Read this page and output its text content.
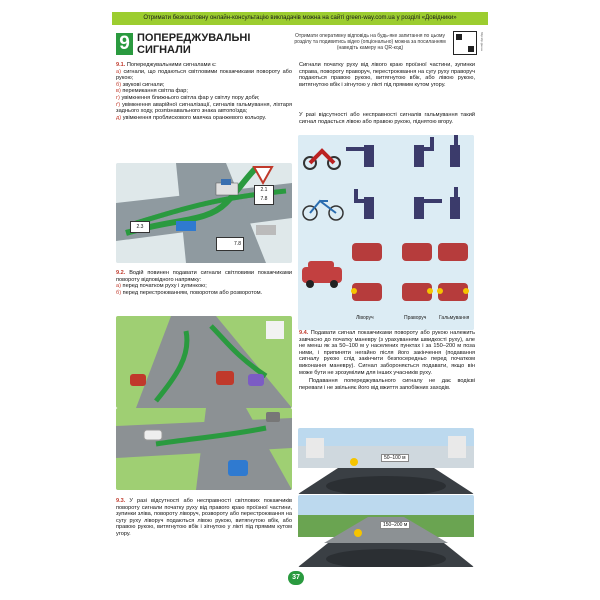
Отримати безкоштовну онлайн-консультацію викладачів можна на сайті green-way.com.ua у розділі «Довідники»
9 ПОПЕРЕДЖУВАЛЬНІ СИГНАЛИ
Отримати оперативну відповідь на будь-яке запитання по цьому розділу та подивитись відео (опціонально) можна за посиланням (наведіть камеру на QR-код)	http://qr.gw.ua

9.1. Попереджувальними сигналами є:

а) сигнали, що подаються світловими покажчиками повороту або рукою;

б) звукові сигнали;

в) перемикання світла фар;

г) увімкнення ближнього світла фар у світлу пору доби;

ґ) увімкнення аварійної сигналізації, сигналів гальмування, ліхтаря заднього ходу, розпізнавального знака автопоїзда;

д) увімкнення проблискового маячка оранжевого кольору.

2.1
7.8
2.3
7.8

9.2. Водій повинен подавати сигнали світловими покажчиками повороту відповідного напрямку:

а) перед початком руху і зупинкою;

б) перед перестроюванням, поворотом або розворотом.

9.3. У разі відсутності або несправності світлових покажчиків повороту сигнали початку руху від правого краю проїзної частини, зупинки зліва, повороту ліворуч, розвороту або перестроювання на сугу руху ліворуч подаються лівою рукою, витягнутою вбік, або правою рукою, витягнутою вбік і зігнутою у лікті під прямим кутом угору.

Сигнали початку руху від лівого краю проїзної частини, зупинки справа, повороту праворуч, перестроювання на сугу руху праворуч подаються правою рукою, витягнутою вбік, або лівою рукою, витягнутою вбік і зігнутою у лікті під прямим кутом угору.

У разі відсутності або несправності сигналів гальмування такий сигнал подається лівою або правою рукою, піднятою вгору.

Ліворуч	Праворуч	Гальмування

9.4. Подавати сигнал покажчиками повороту або рукою належить завчасно до початку маневру (з урахуванням швидкості руху), але не менш як за 50–100 м у населених пунктах і за 150–200 м поза ними, і припиняти негайно після його закінчення (подавання сигналу рукою слід закінчити безпосередньо перед початком виконання маневру). Сигнал забороняється подавати, якщо він може бути не зрозумілим для інших учасників руху.

Подавання попереджувального сигналу не дає водієві переваги і не звільняє його від вжиття запобіжних заходів.

50–100 м
150–200 м
37
